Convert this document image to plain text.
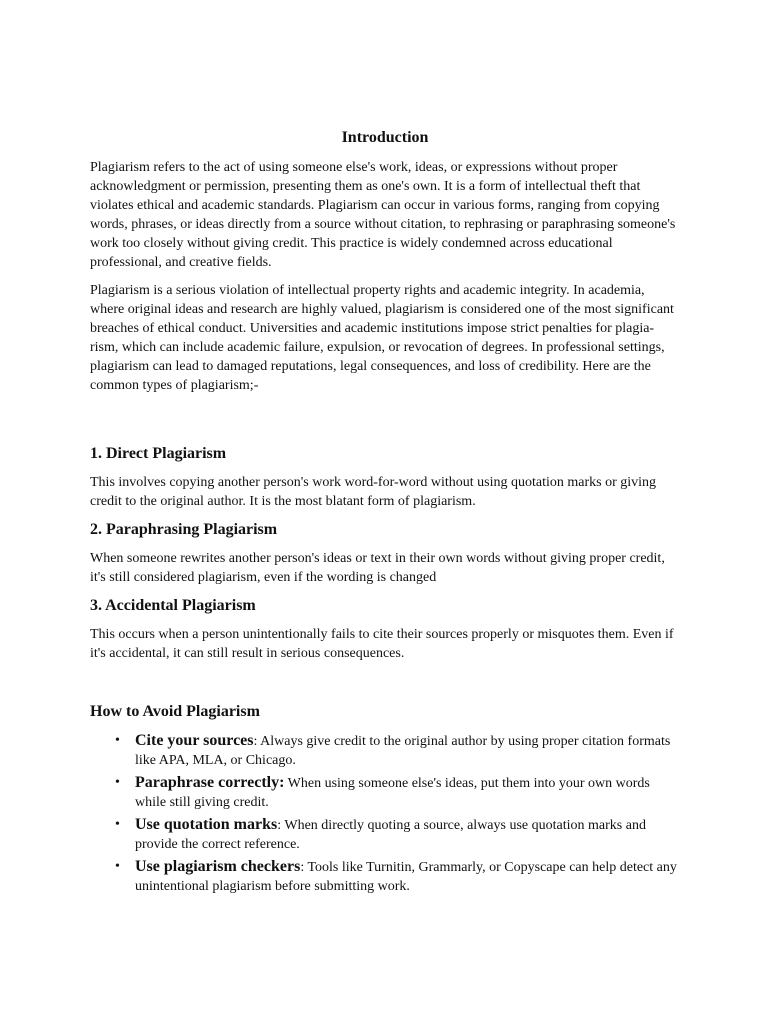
Introduction

Plagiarism refers to the act of using someone else's work, ideas, or expressions without proper acknowledgment or permission, presenting them as one's own. It is a form of intellectual theft that violates ethical and academic standards. Plagiarism can occur in various forms, ranging from copying words, phrases, or ideas directly from a source without citation, to rephrasing or paraphrasing someone's work too closely without giving credit. This practice is widely condemned across educational professional, and creative fields.

Plagiarism is a serious violation of intellectual property rights and academic integrity. In academia, where original ideas and research are highly valued, plagiarism is considered one of the most significant breaches of ethical conduct. Universities and academic institutions impose strict penalties for plagia- rism, which can include academic failure, expulsion, or revocation of degrees. In professional settings, plagiarism can lead to damaged reputations, legal consequences, and loss of credibility. Here are the common types of plagiarism;-

1. Direct Plagiarism

This involves copying another person's work word-for-word without using quotation marks or giving credit to the original author. It is the most blatant form of plagiarism.

2. Paraphrasing Plagiarism

When someone rewrites another person's ideas or text in their own words without giving proper credit, it's still considered plagiarism, even if the wording is changed

3. Accidental Plagiarism

This occurs when a person unintentionally fails to cite their sources properly or misquotes them. Even if it's accidental, it can still result in serious consequences.

How to Avoid Plagiarism
• Cite your sources: Always give credit to the original author by using proper citation formats like APA, MLA, or Chicago.
• Paraphrase correctly: When using someone else's ideas, put them into your own words while still giving credit.
• Use quotation marks: When directly quoting a source, always use quotation marks and provide the correct reference.
• Use plagiarism checkers: Tools like Turnitin, Grammarly, or Copyscape can help detect any unintentional plagiarism before submitting work.
